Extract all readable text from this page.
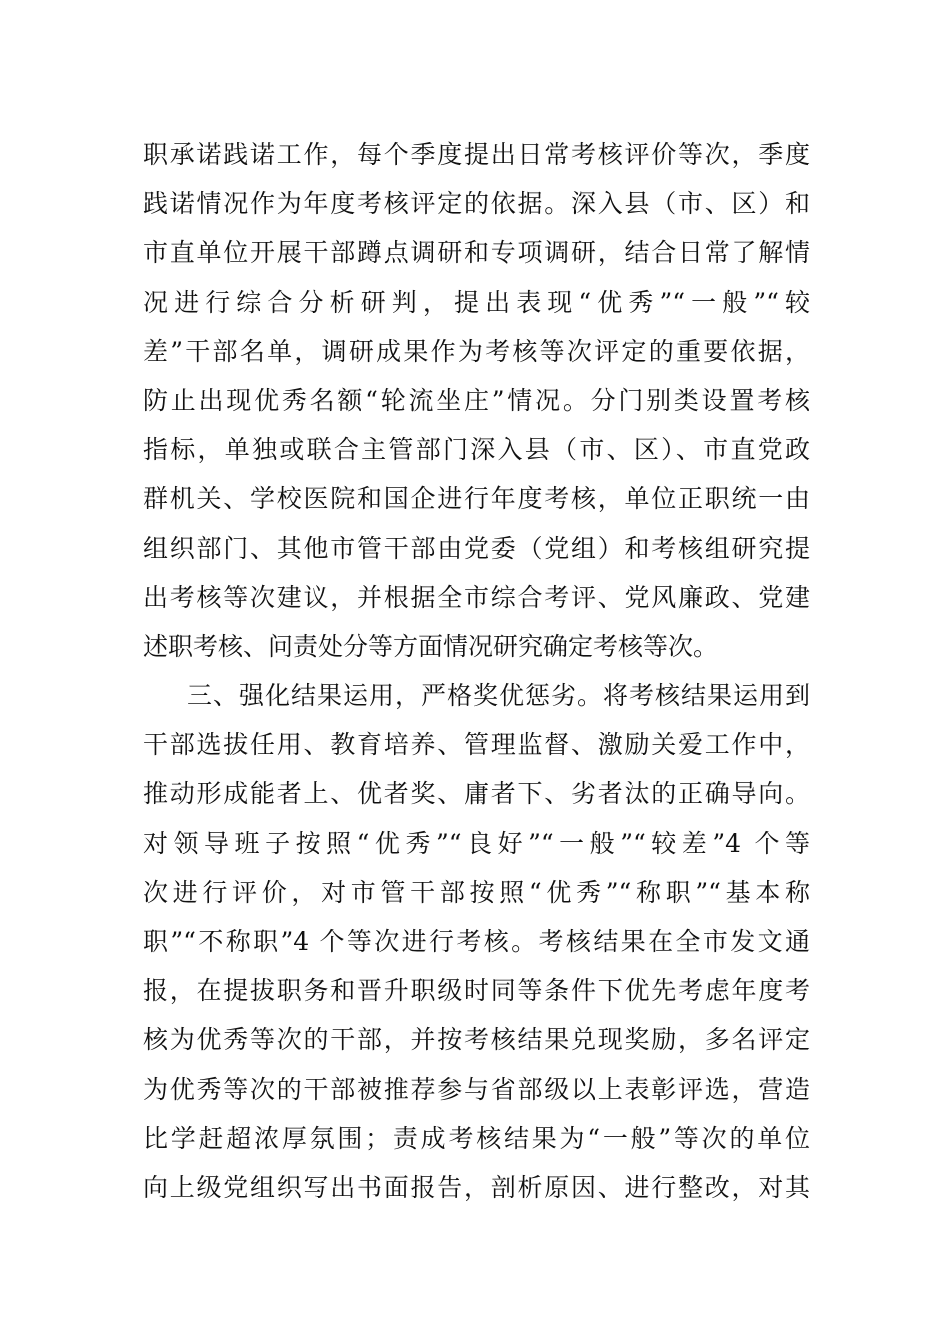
职承诺践诺工作，每个季度提出日常考核评价等次，季度
践诺情况作为年度考核评定的依据。深入县（市、区）和
市直单位开展干部蹲点调研和专项调研，结合日常了解情
况进行综合分析研判，提出表现“优秀”“一般”“较
差”干部名单，调研成果作为考核等次评定的重要依据，
防止出现优秀名额“轮流坐庄”情况。分门别类设置考核
指标，单独或联合主管部门深入县（市、区）、市直党政
群机关、学校医院和国企进行年度考核，单位正职统一由
组织部门、其他市管干部由党委（党组）和考核组研究提
出考核等次建议，并根据全市综合考评、党风廉政、党建
述职考核、问责处分等方面情况研究确定考核等次。
三、强化结果运用，严格奖优惩劣。将考核结果运用到
干部选拔任用、教育培养、管理监督、激励关爱工作中，
推动形成能者上、优者奖、庸者下、劣者汰的正确导向。
对领导班子按照“优秀”“良好”“一般”“较差”4 个等
次进行评价，对市管干部按照“优秀”“称职”“基本称
职”“不称职”4 个等次进行考核。考核结果在全市发文通
报，在提拔职务和晋升职级时同等条件下优先考虑年度考
核为优秀等次的干部，并按考核结果兑现奖励，多名评定
为优秀等次的干部被推荐参与省部级以上表彰评选，营造
比学赶超浓厚氛围；责成考核结果为“一般”等次的单位
向上级党组织写出书面报告，剖析原因、进行整改，对其
